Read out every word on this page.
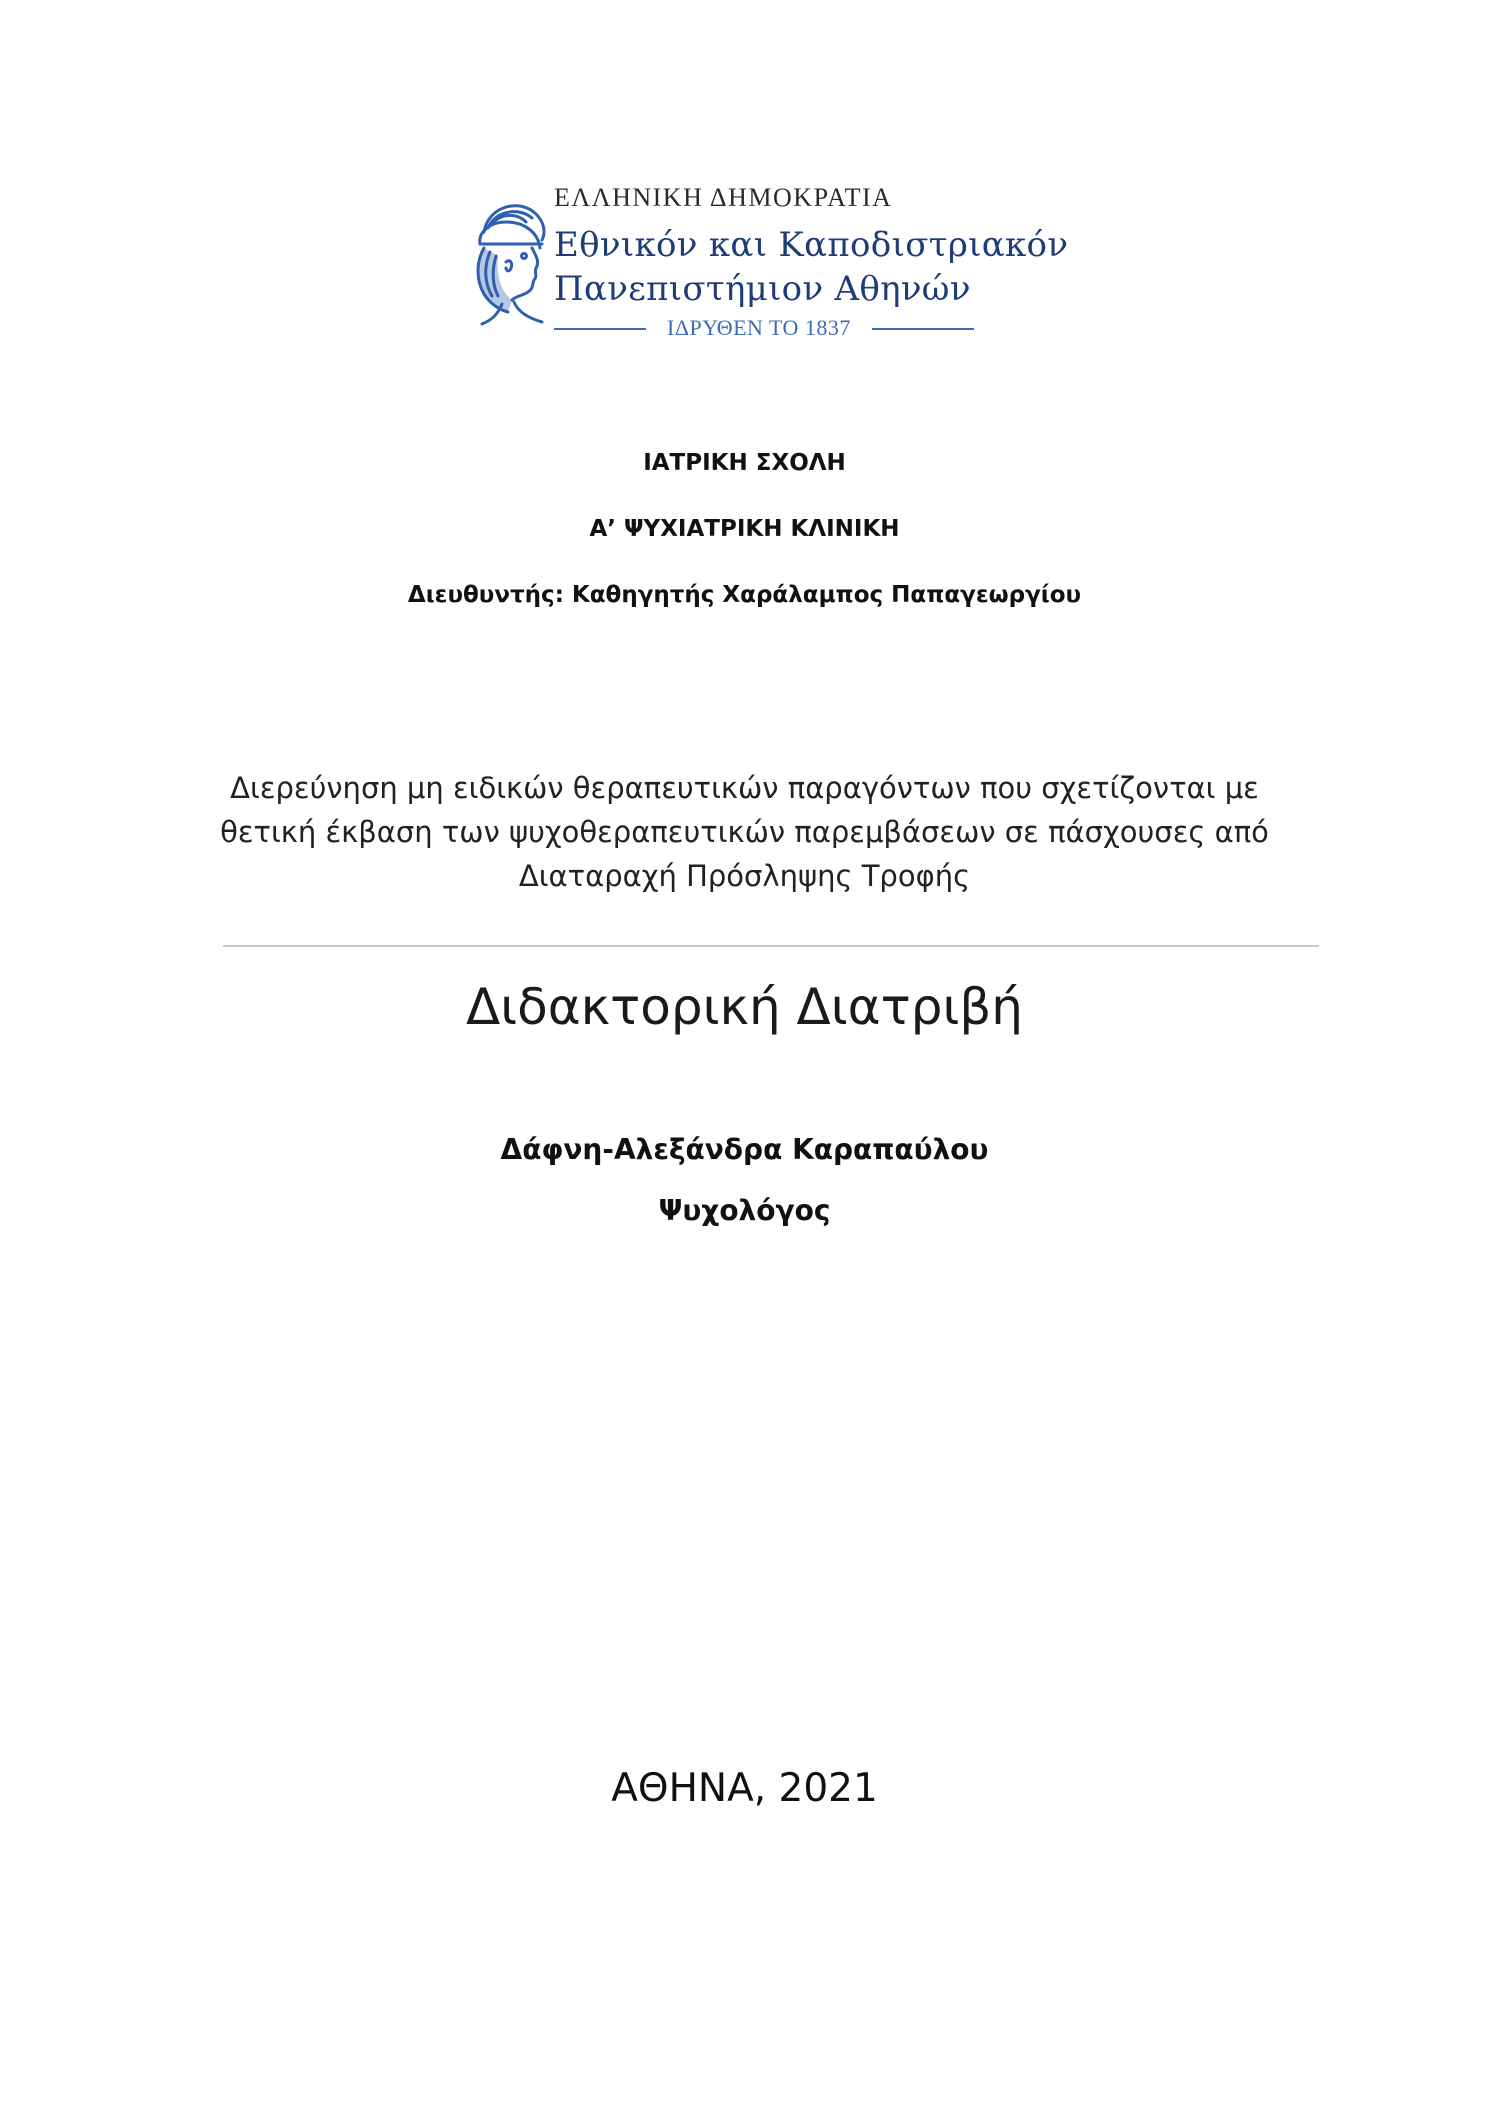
ΕΛΛΗΝΙΚΗ ΔΗΜΟΚΡΑΤΙΑ
Εθνικόν και Καποδιστριακόν
Πανεπιστήμιον Αθηνών
ΙΔΡΥΘΕΝ ΤΟ 1837
ΙΑΤΡΙΚΗ ΣΧΟΛΗ
Α’ ΨΥΧΙΑΤΡΙΚΗ ΚΛΙΝΙΚΗ
Διευθυντής: Καθηγητής Χαράλαμπος Παπαγεωργίου
Διερεύνηση μη ειδικών θεραπευτικών παραγόντων που σχετίζονται με
θετική έκβαση των ψυχοθεραπευτικών παρεμβάσεων σε πάσχουσες από
Διαταραχή Πρόσληψης Τροφής
Διδακτορική Διατριβή
Δάφνη-Αλεξάνδρα Καραπαύλου
Ψυχολόγος
ΑΘΗΝΑ, 2021
